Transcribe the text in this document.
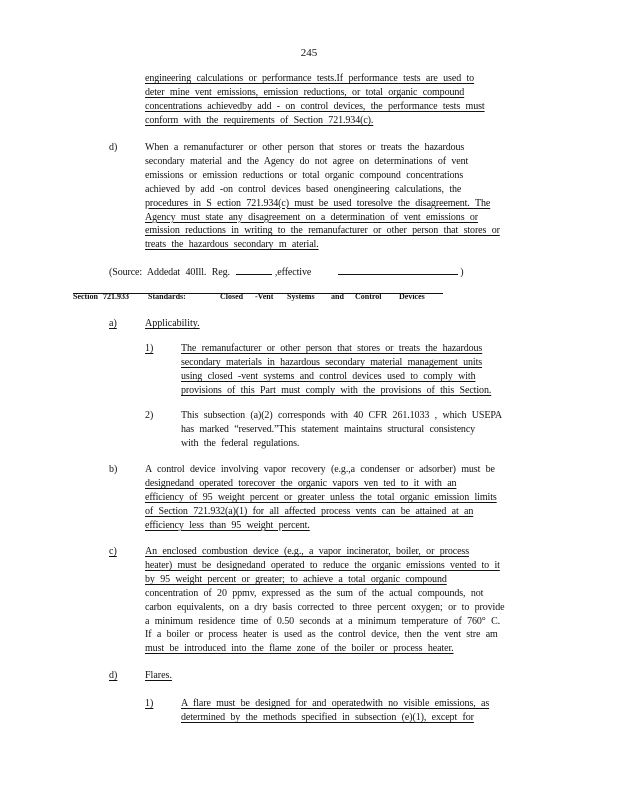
245
engineering calculations or performance tests.If performance tests are used to
deter mine vent emissions, emission reductions, or total organic compound
concentrations achievedby add - on control devices, the performance tests must
conform with the requirements of Section 721.934(c).
d)	When a remanufacturer or other person that stores or treats the hazardous
secondary material and the Agency do not agree on determinations of vent
emissions or emission reductions or total organic compound concentrations
achieved by add -on control devices based onengineering calculations, the
procedures in S ection 721.934(c) must be used toresolve the disagreement. The
Agency must state any disagreement on a determination of vent emissions or
emission reductions in writing to the remanufacturer or other person that stores or
treats the hazardous secondary m aterial.
(Source: Addedat 40Ill. Reg.	,effective	)
Section 721.933 Standards:	Closed -Vent Systems and Control Devices
a)	Applicability.
1)	The remanufacturer or other person that stores or treats the hazardous
secondary materials in hazardous secondary material management units
using closed -vent systems and control devices used to comply with
provisions of this Part must comply with the provisions of this Section.
2)	This subsection (a)(2) corresponds with 40 CFR 261.1033 , which USEPA
has marked “reserved.”This statement maintains structural consistency
with the federal regulations.
b)	A control device involving vapor recovery (e.g.,a condenser or adsorber) must be
designedand operated torecover the organic vapors ven ted to it with an
efficiency of 95 weight percent or greater unless the total organic emission limits
of Section 721.932(a)(1) for all affected process vents can be attained at an
efficiency less than 95 weight percent.
c)	An enclosed combustion device (e.g., a vapor incinerator, boiler, or process
heater) must be designedand operated to reduce the organic emissions vented to it
by 95 weight percent or greater; to achieve a total organic compound
concentration of 20 ppmv, expressed as the sum of the actual compounds, not
carbon equivalents, on a dry basis corrected to three percent oxygen; or to provide
a minimum residence time of 0.50 seconds at a minimum temperature of 760° C.
If a boiler or process heater is used as the control device, then the vent stre am
must be introduced into the flame zone of the boiler or process heater.
d)	Flares.
1)	A flare must be designed for and operatedwith no visible emissions, as
determined by the methods specified in subsection (e)(1), except for
